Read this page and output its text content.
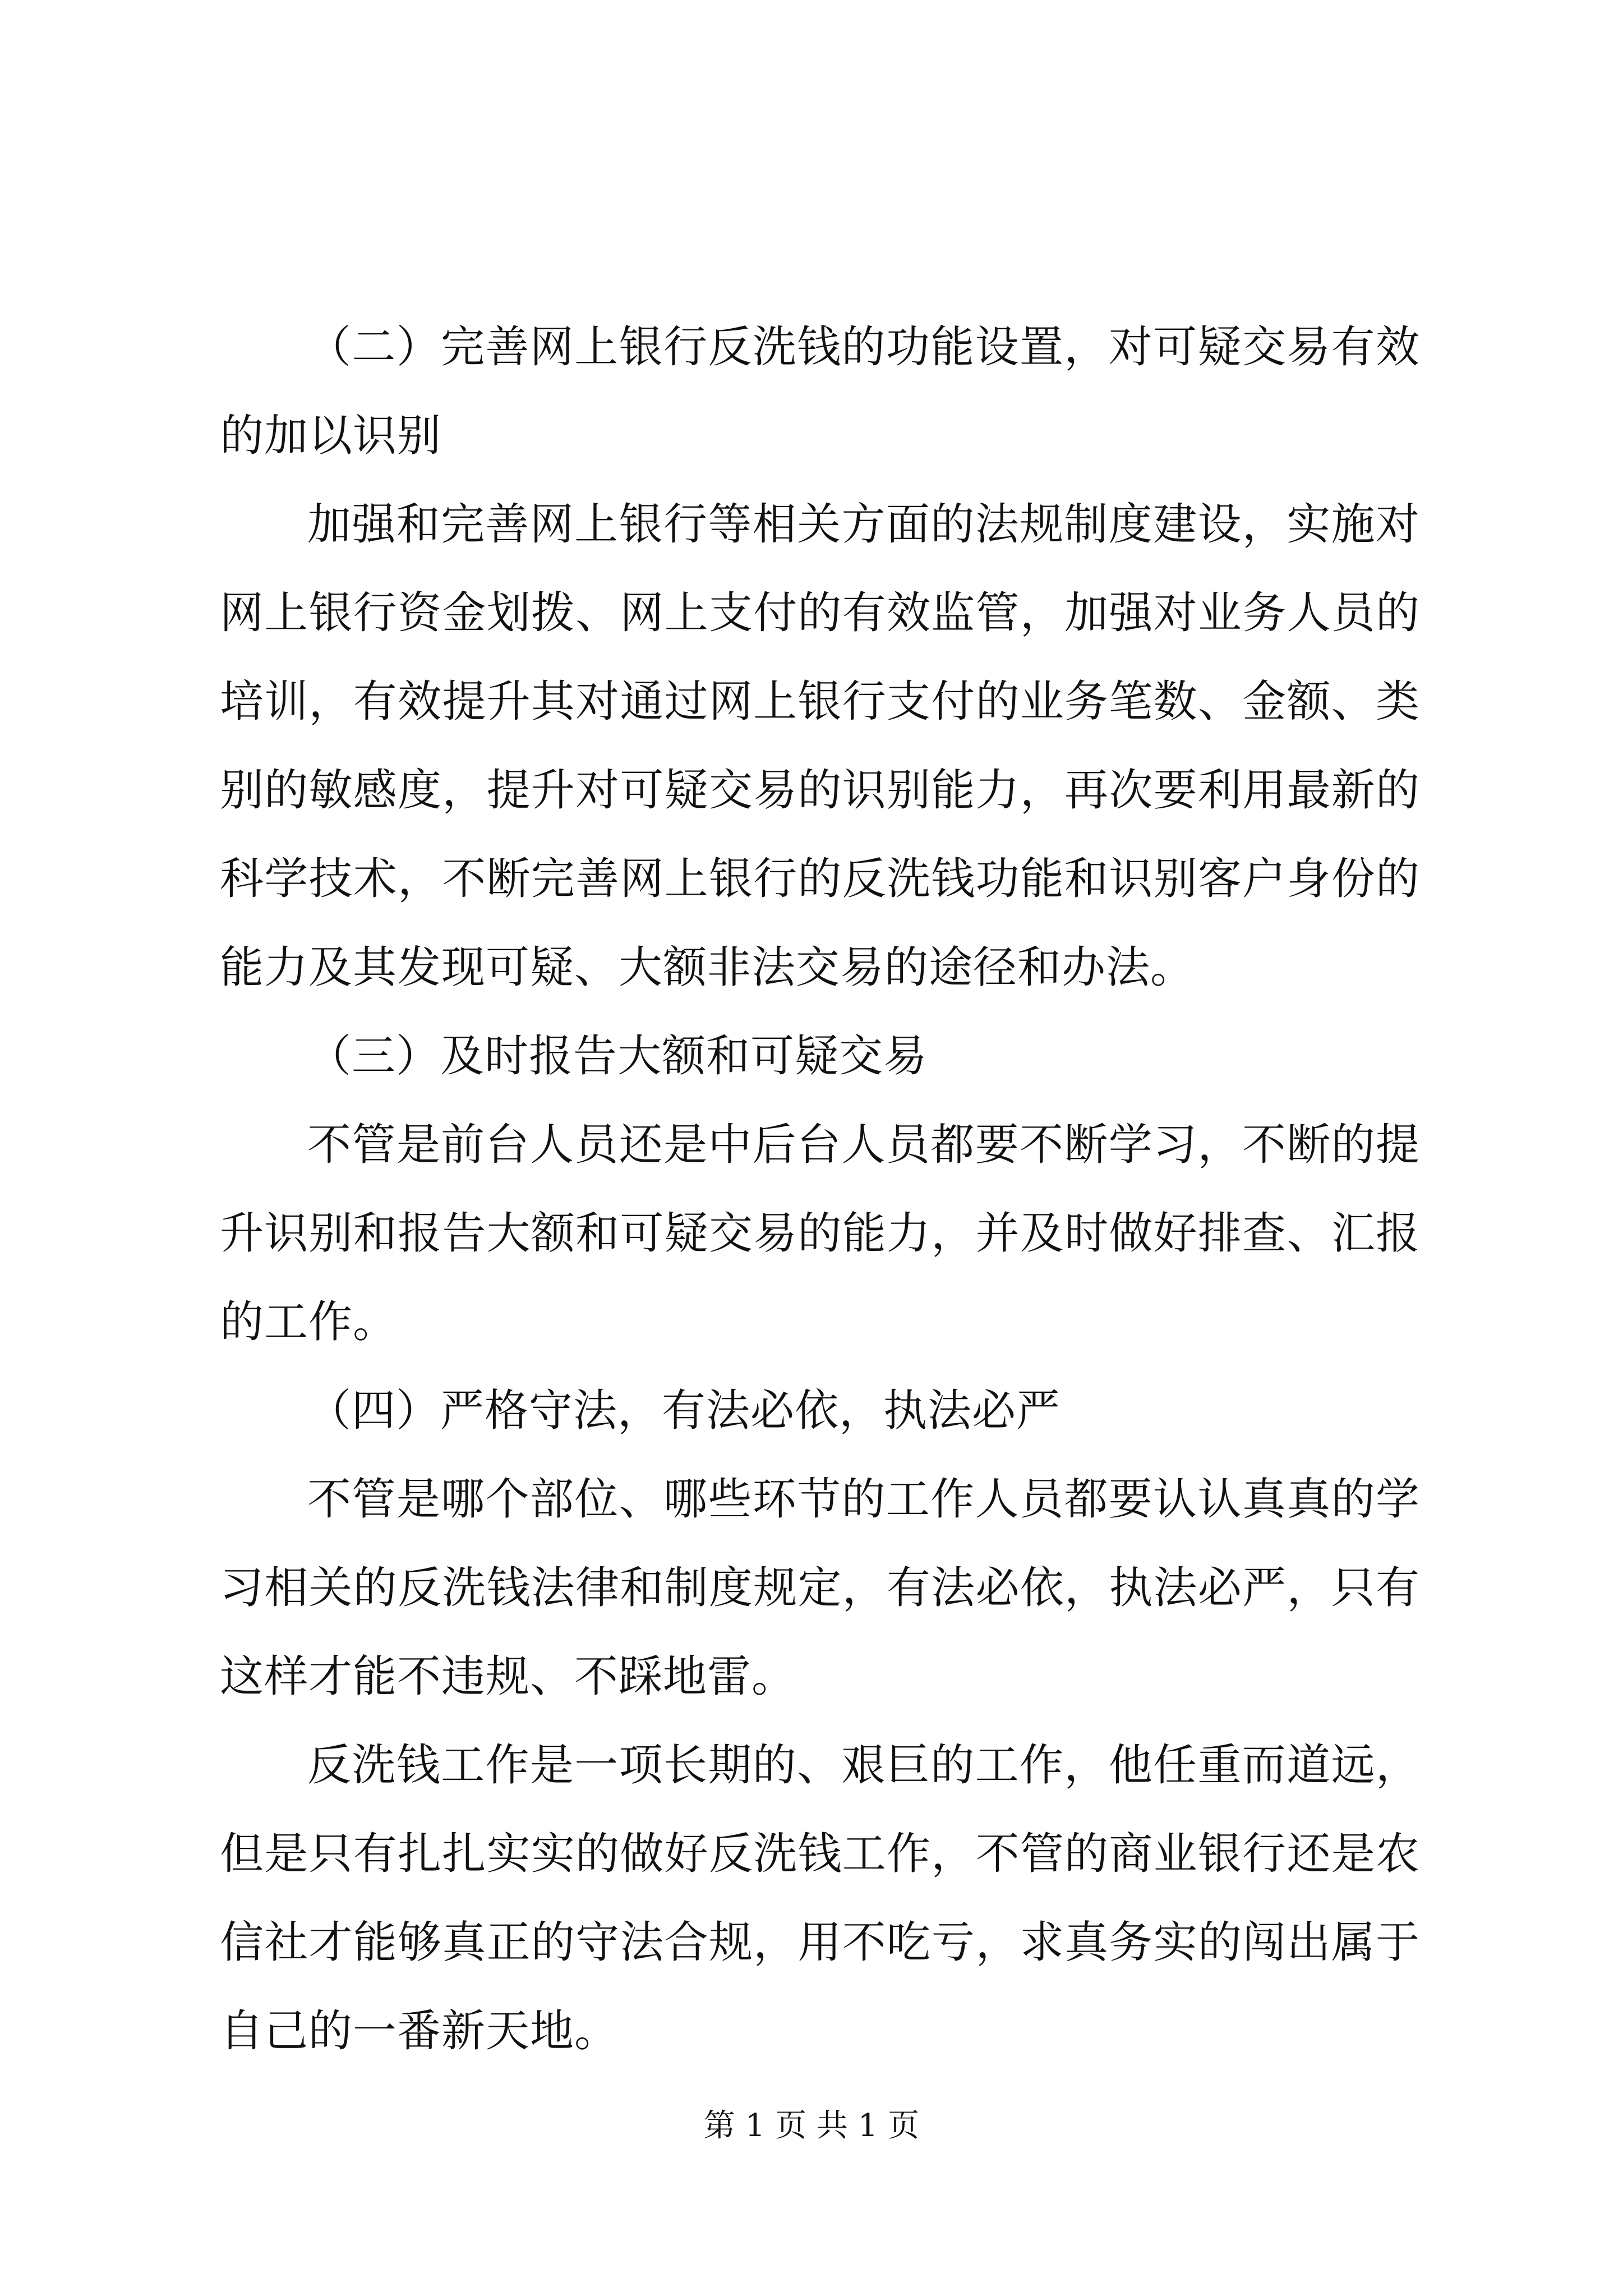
（二）完善网上银行反洗钱的功能设置，对可疑交易有效的加以识别

加强和完善网上银行等相关方面的法规制度建设，实施对网上银行资金划拨、网上支付的有效监管，加强对业务人员的培训，有效提升其对通过网上银行支付的业务笔数、金额、类别的敏感度，提升对可疑交易的识别能力，再次要利用最新的科学技术，不断完善网上银行的反洗钱功能和识别客户身份的能力及其发现可疑、大额非法交易的途径和办法。

（三）及时报告大额和可疑交易

不管是前台人员还是中后台人员都要不断学习，不断的提升识别和报告大额和可疑交易的能力，并及时做好排查、汇报的工作。

（四）严格守法，有法必依，执法必严

不管是哪个部位、哪些环节的工作人员都要认认真真的学习相关的反洗钱法律和制度规定，有法必依，执法必严，只有这样才能不违规、不踩地雷。

反洗钱工作是一项长期的、艰巨的工作，他任重而道远，但是只有扎扎实实的做好反洗钱工作，不管的商业银行还是农信社才能够真正的守法合规，用不吃亏，求真务实的闯出属于自己的一番新天地。

第 1 页 共 1 页
